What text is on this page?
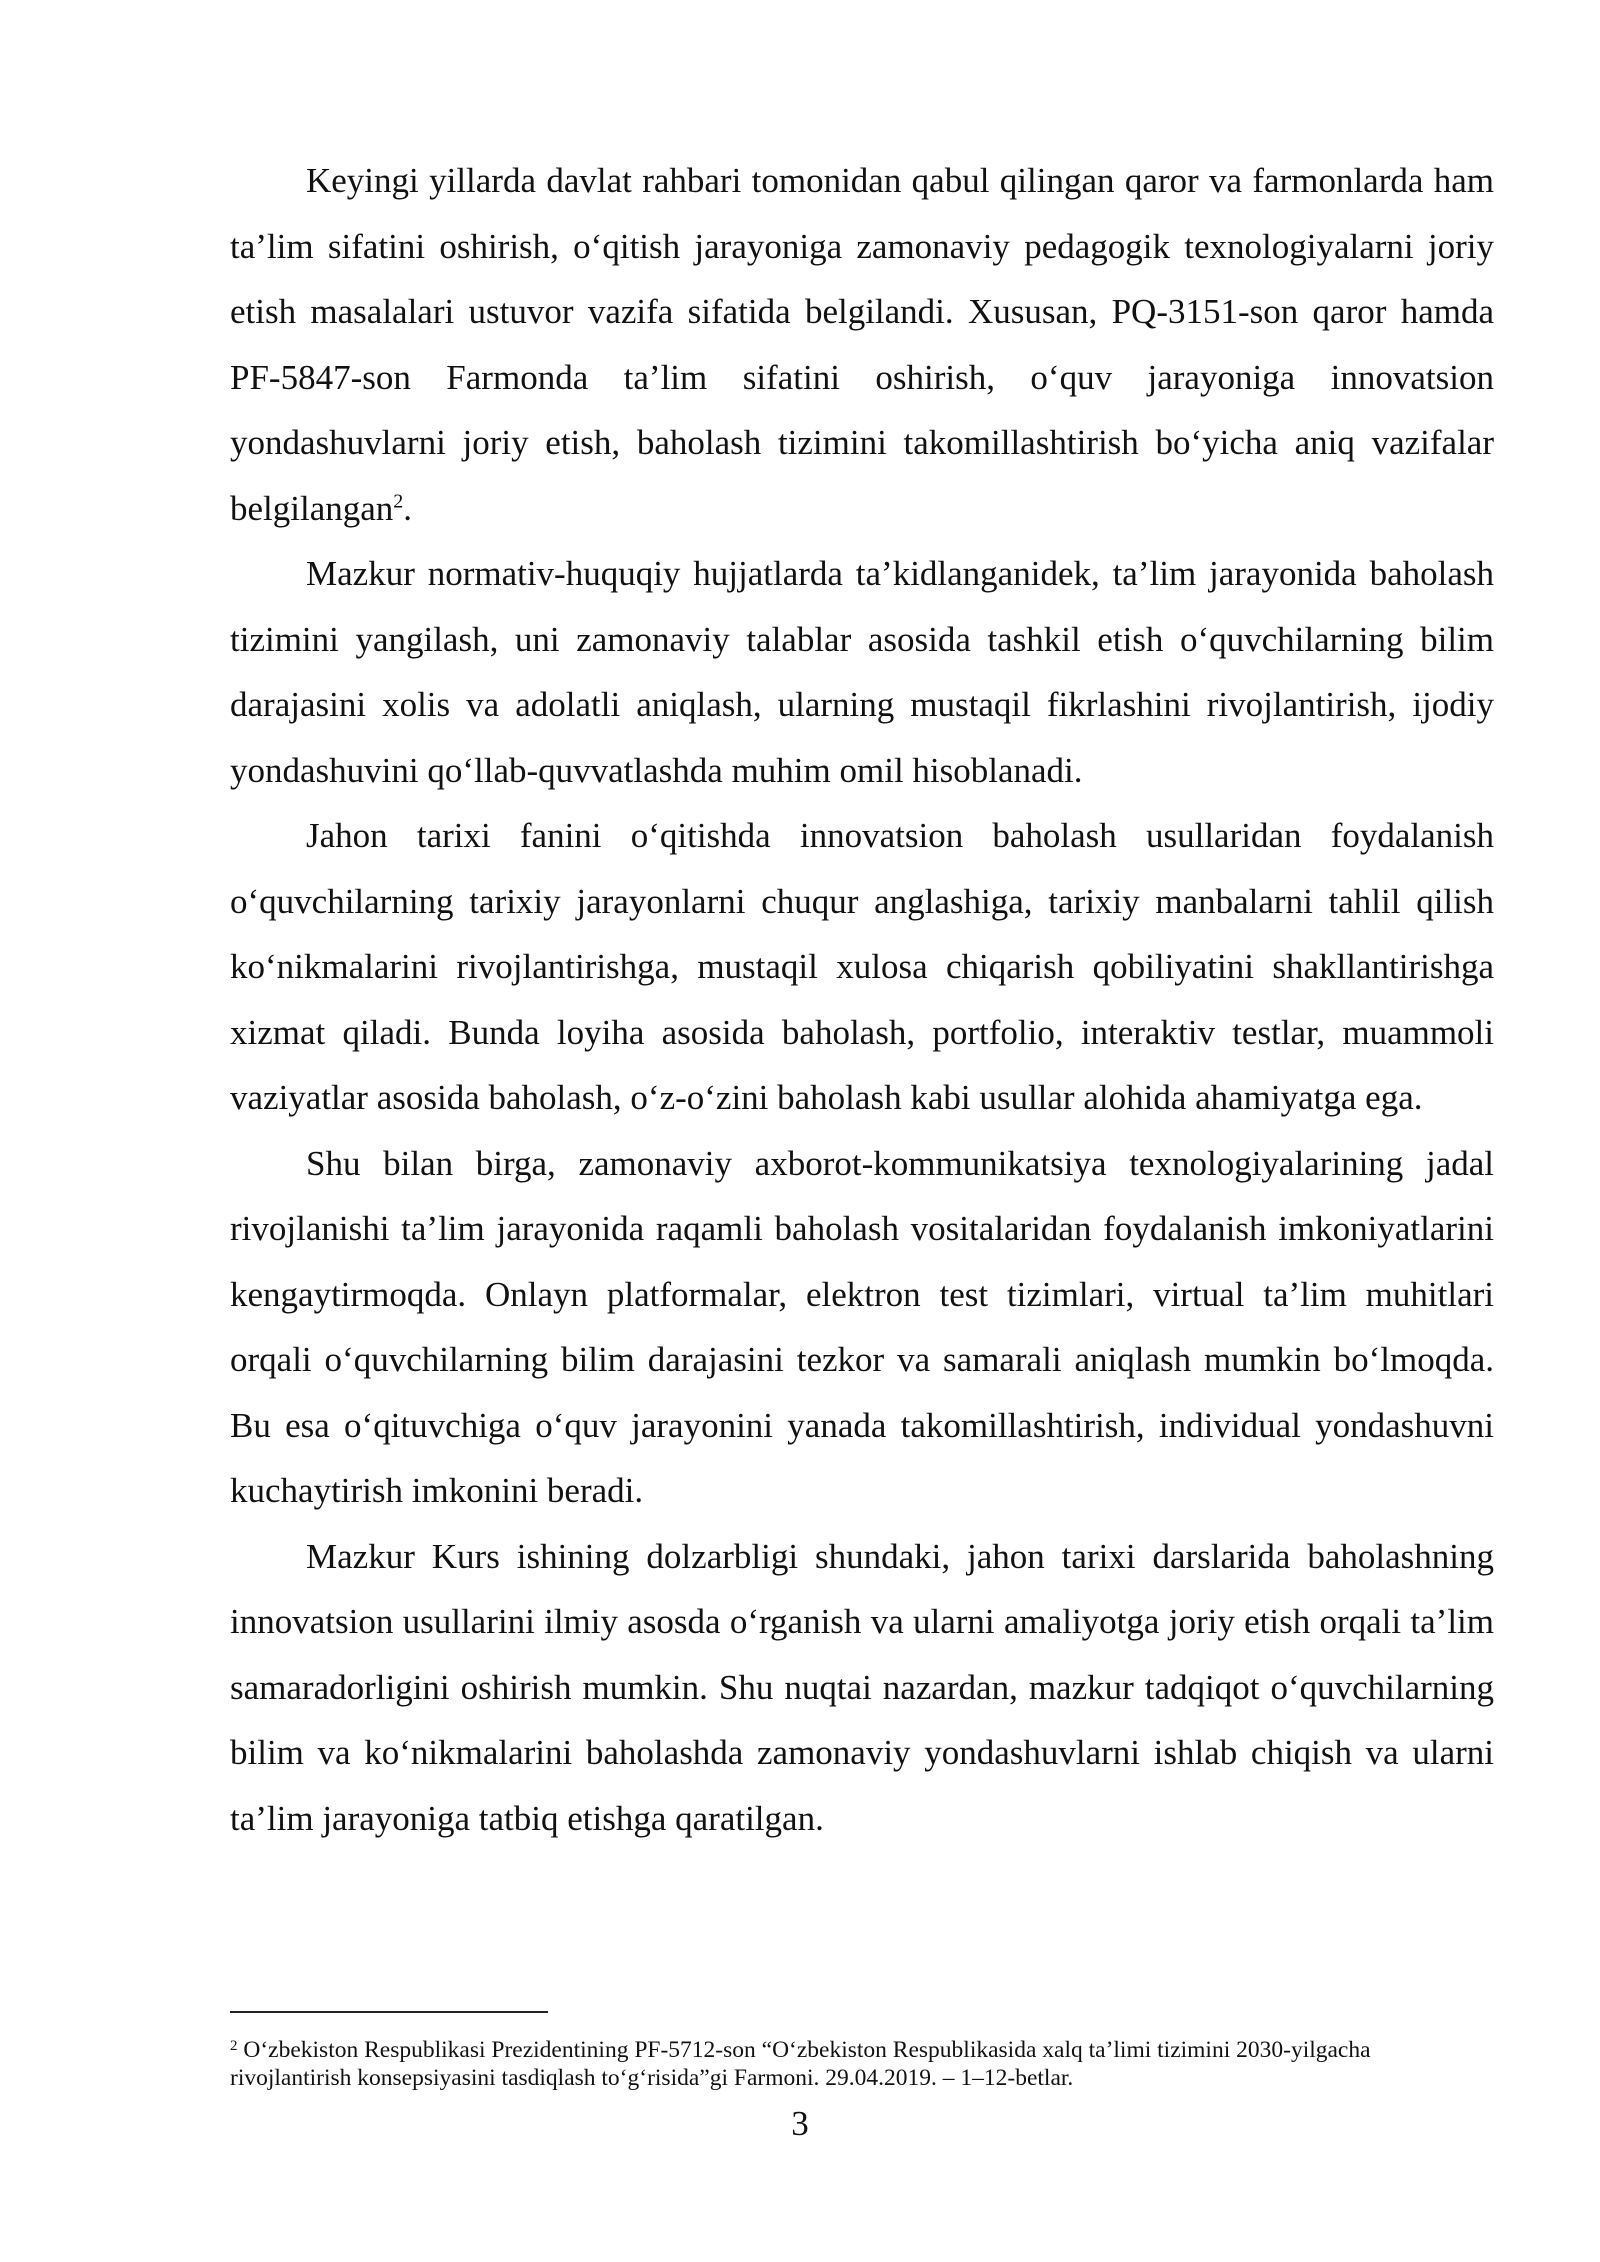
Keyingi yillarda davlat rahbari tomonidan qabul qilingan qaror va farmonlarda ham ta’lim sifatini oshirish, o‘qitish jarayoniga zamonaviy pedagogik texnologiyalarni joriy etish masalalari ustuvor vazifa sifatida belgilandi. Xususan, PQ-3151-son qaror hamda PF-5847-son Farmonda ta’lim sifatini oshirish, o‘quv jarayoniga innovatsion yondashuvlarni joriy etish, baholash tizimini takomillashtirish bo‘yicha aniq vazifalar belgilangan$^2$.

Mazkur normativ-huquqiy hujjatlarda ta’kidlanganidek, ta’lim jarayonida baholash tizimini yangilash, uni zamonaviy talablar asosida tashkil etish o‘quvchilarning bilim darajasini xolis va adolatli aniqlash, ularning mustaqil fikrlashini rivojlantirish, ijodiy yondashuvini qo‘llab-quvvatlashda muhim omil hisoblanadi.

Jahon tarixi fanini o‘qitishda innovatsion baholash usullaridan foydalanish o‘quvchilarning tarixiy jarayonlarni chuqur anglashiga, tarixiy manbalarni tahlil qilish ko‘nikmalarini rivojlantirishga, mustaqil xulosa chiqarish qobiliyatini shakllantirishga xizmat qiladi. Bunda loyiha asosida baholash, portfolio, interaktiv testlar, muammoli vaziyatlar asosida baholash, o‘z-o‘zini baholash kabi usullar alohida ahamiyatga ega.

Shu bilan birga, zamonaviy axborot-kommunikatsiya texnologiyalarining jadal rivojlanishi ta’lim jarayonida raqamli baholash vositalaridan foydalanish imkoniyatlarini kengaytirmoqda. Onlayn platformalar, elektron test tizimlari, virtual ta’lim muhitlari orqali o‘quvchilarning bilim darajasini tezkor va samarali aniqlash mumkin bo‘lmoqda. Bu esa o‘qituvchiga o‘quv jarayonini yanada takomillashtirish, individual yondashuvni kuchaytirish imkonini beradi.

Mazkur Kurs ishining dolzarbligi shundaki, jahon tarixi darslarida baholashning innovatsion usullarini ilmiy asosda o‘rganish va ularni amaliyotga joriy etish orqali ta’lim samaradorligini oshirish mumkin. Shu nuqtai nazardan, mazkur tadqiqot o‘quvchilarning bilim va ko‘nikmalarini baholashda zamonaviy yondashuvlarni ishlab chiqish va ularni ta’lim jarayoniga tatbiq etishga qaratilgan.

$^2$ O‘zbekiston Respublikasi Prezidentining PF-5712-son “O‘zbekiston Respublikasida xalq ta’limi tizimini 2030-yilgacha rivojlantirish konsepsiyasini tasdiqlash to‘g‘risida”gi Farmoni. 29.04.2019. – 1–12-betlar.

3
